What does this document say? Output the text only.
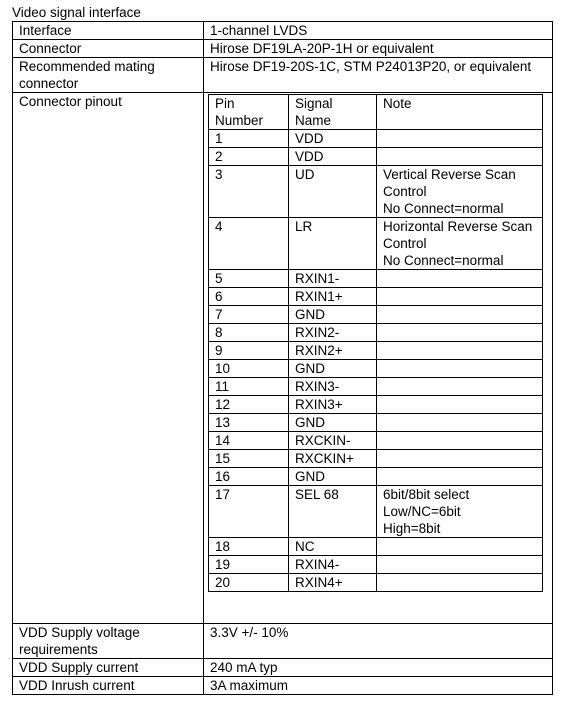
Video signal interface
Interface	1-channel LVDS
Connector	Hirose DF19LA-20P-1H or equivalent
Recommended mating connector	Hirose DF19-20S-1C, STM P24013P20, or equivalent
Connector pinout		Pin Number	Signal Name	Note
1	VDD	
2	VDD	
3	UD	Vertical Reverse Scan Control
No Connect=normal
4	LR	Horizontal Reverse Scan Control
No Connect=normal
5	RXIN1-	
6	RXIN1+	
7	GND	
8	RXIN2-	
9	RXIN2+	
10	GND	
11	RXIN3-	
12	RXIN3+	
13	GND	
14	RXCKIN-	
15	RXCKIN+	
16	GND	
17	SEL 68	6bit/8bit select
Low/NC=6bit
High=8bit
18	NC	
19	RXIN4-	
20	RXIN4+	

VDD Supply voltage requirements	3.3V +/- 10%
VDD Supply current	240 mA typ
VDD Inrush current	3A maximum
